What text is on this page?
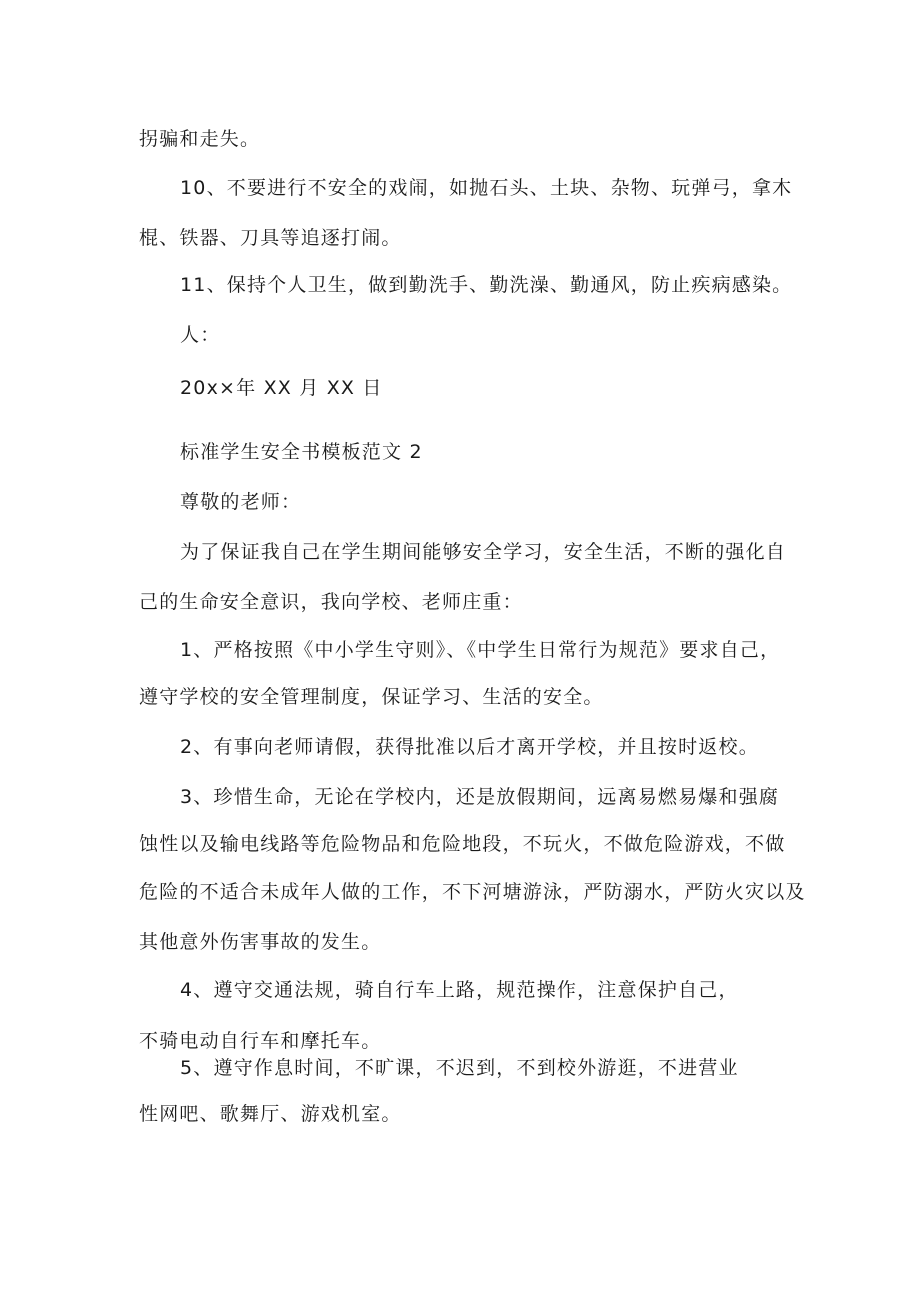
拐骗和走失。
10、不要进行不安全的戏闹，如抛石头、土块、杂物、玩弹弓，拿木
棍、铁器、刀具等追逐打闹。
11、保持个人卫生，做到勤洗手、勤洗澡、勤通风，防止疾病感染。
人：
20x×年 XX 月 XX 日
标准学生安全书模板范文 2
尊敬的老师：
为了保证我自己在学生期间能够安全学习，安全生活，不断的强化自
己的生命安全意识，我向学校、老师庄重：
1、严格按照《中小学生守则》、《中学生日常行为规范》要求自己，
遵守学校的安全管理制度，保证学习、生活的安全。
2、有事向老师请假，获得批准以后才离开学校，并且按时返校。
3、珍惜生命，无论在学校内，还是放假期间，远离易燃易爆和强腐
蚀性以及输电线路等危险物品和危险地段，不玩火，不做危险游戏，不做
危险的不适合未成年人做的工作，不下河塘游泳，严防溺水，严防火灾以及
其他意外伤害事故的发生。
4、遵守交通法规，骑自行车上路，规范操作，注意保护自己，
不骑电动自行车和摩托车。
5、遵守作息时间，不旷课，不迟到，不到校外游逛，不进营业
性网吧、歌舞厅、游戏机室。
